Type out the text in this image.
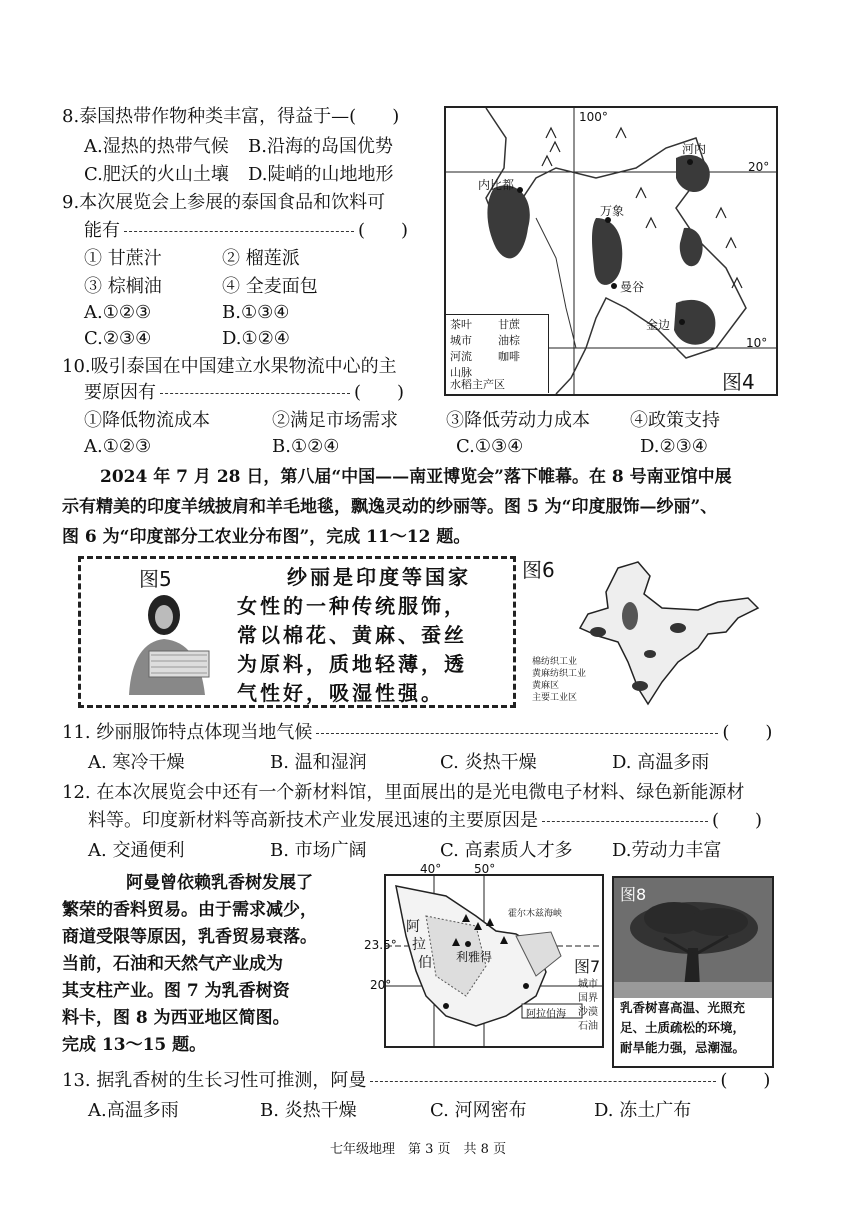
8.泰国热带作物种类丰富，得益于—(　　)
A.湿热的热带气候 B.沿海的岛国优势
C.肥沃的火山土壤 D.陡峭的山地地形
9.本次展览会上参展的泰国食品和饮料可
能有	(　　)
① 甘蔗汁	② 榴莲派
③ 棕榈油	④ 全麦面包
A.①②③	B.①③④
C.②③④	D.①②④
10.吸引泰国在中国建立水果物流中心的主
要原因有	(　　)
①降低物流成本	②满足市场需求	③降低劳动力成本 ④政策支持
A.①②③	B.①②④	C.①③④	D.②③④
100°
20°
10°
内比都
河内
万象
曼谷
金边
茶叶 甘蔗
城市 油棕
河流 咖啡
山脉
水稻主产区	图4
2024 年 7 月 28 日，第八届“中国——南亚博览会”落下帷幕。在 8 号南亚馆中展
示有精美的印度羊绒披肩和羊毛地毯，飘逸灵动的纱丽等。图 5 为“印度服饰—纱丽”、
图 6 为“印度部分工农业分布图”，完成 11～12 题。
图5	纱丽是印度等国家
女性的一种传统服饰，
常以棉花、黄麻、蚕丝
为原料，质地轻薄，透
气性好，吸湿性强。
图6
棉纺织工业
黄麻纺织工业
黄麻区
主要工业区
11. 纱丽服饰特点体现当地气候	(　　)
A. 寒冷干燥	B. 温和湿润	C. 炎热干燥	D. 高温多雨
12. 在本次展览会中还有一个新材料馆，里面展出的是光电微电子材料、绿色新能源材
料等。印度新材料等高新技术产业发展迅速的主要原因是	(　　)
A. 交通便利	B. 市场广阔	C. 高素质人才多 D.劳动力丰富
阿曼曾依赖乳香树发展了
繁荣的香料贸易。由于需求减少，
商道受限等原因，乳香贸易衰落。
当前，石油和天然气产业成为
其支柱产业。图 7 为乳香树资
料卡，图 8 为西亚地区简图。
完成 13～15 题。
40°	50°
23.5°
20°
利雅得
阿
拉
伯
阿拉伯海
霍尔木兹海峡
图7
城市
国界
沙漠
石油
图8
乳香树喜高温、光照充
足、土质疏松的环境，
耐旱能力强，忌潮湿。
13. 据乳香树的生长习性可推测，阿曼	(　　)
A.高温多雨	B. 炎热干燥	C. 河网密布	D. 冻土广布
七年级地理　第 3 页　共 8 页
